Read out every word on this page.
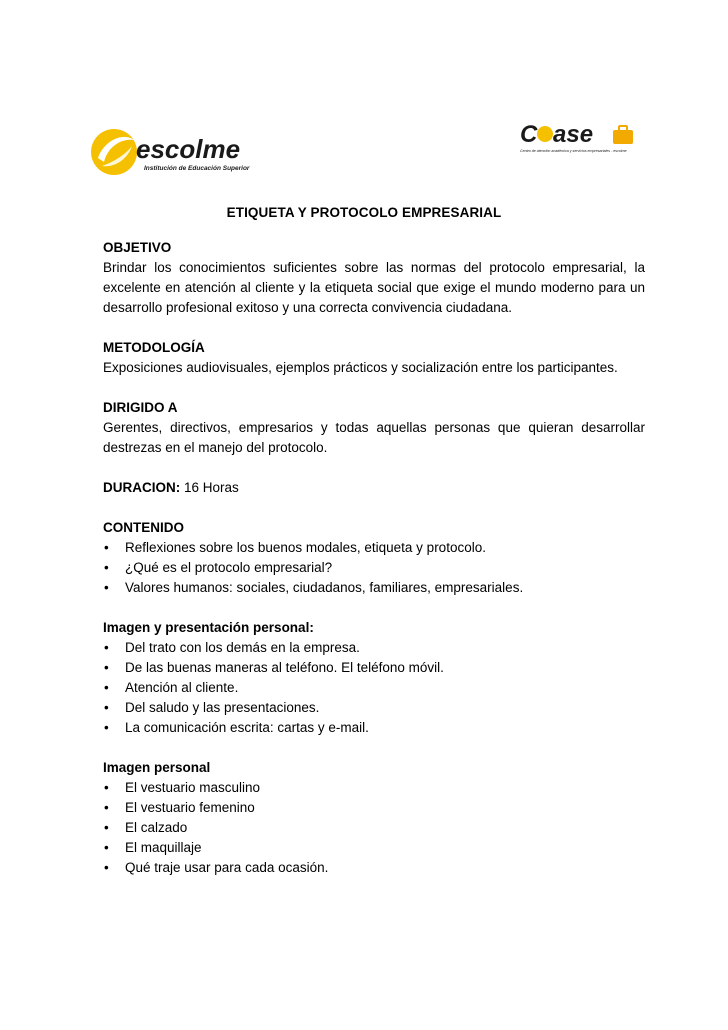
escolme
Institución de Educación Superior
C ase
Centro de atención académica y servicios empresariales - escolme
ETIQUETA Y PROTOCOLO EMPRESARIAL
OBJETIVO
Brindar los conocimientos suficientes sobre las normas del protocolo empresarial, la excelente en atención al cliente y la etiqueta social que exige el mundo moderno para un desarrollo profesional exitoso y una correcta convivencia ciudadana.
METODOLOGÍA
Exposiciones audiovisuales, ejemplos prácticos y socialización entre los participantes.
DIRIGIDO A
Gerentes, directivos, empresarios y todas aquellas personas que quieran desarrollar destrezas en el manejo del protocolo.
DURACION: 16 Horas
CONTENIDO
• Reflexiones sobre los buenos modales, etiqueta y protocolo.
• ¿Qué es el protocolo empresarial?
• Valores humanos: sociales, ciudadanos, familiares, empresariales.
Imagen y presentación personal:
• Del trato con los demás en la empresa.
• De las buenas maneras al teléfono. El teléfono móvil.
• Atención al cliente.
• Del saludo y las presentaciones.
• La comunicación escrita: cartas y e-mail.
Imagen personal
• El vestuario masculino
• El vestuario femenino
• El calzado
• El maquillaje
• Qué traje usar para cada ocasión.
